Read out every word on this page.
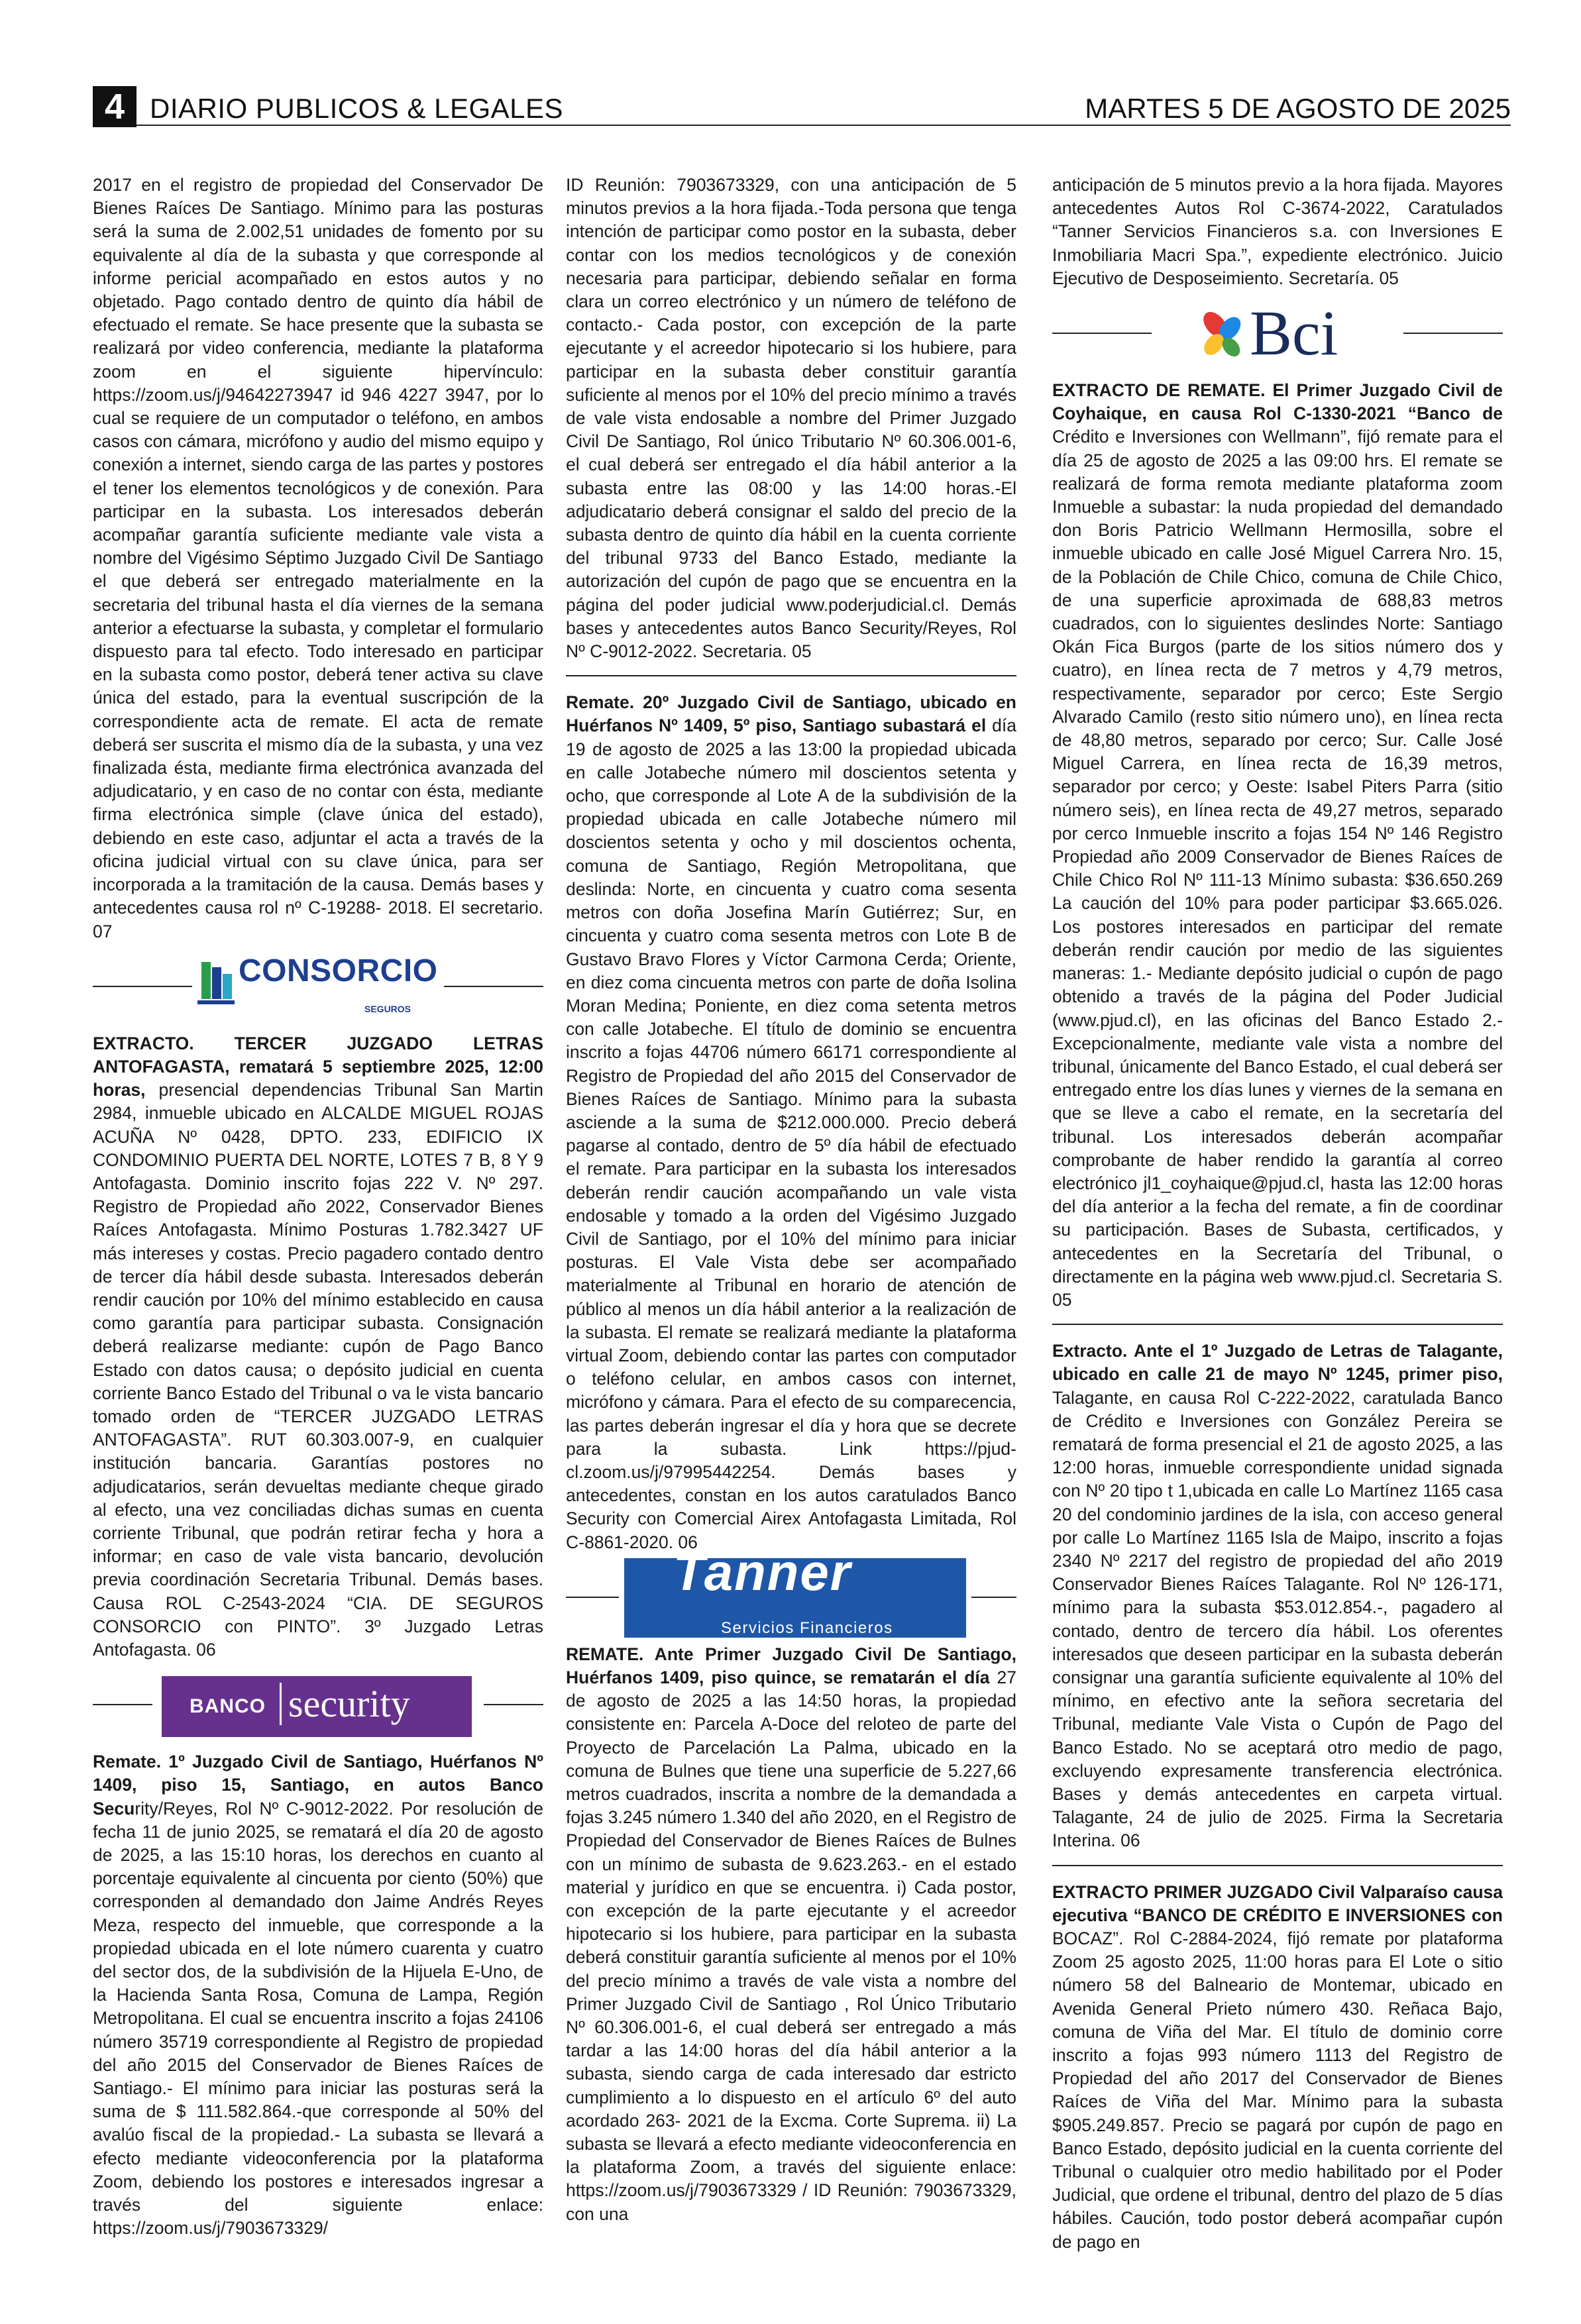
4 DIARIO PUBLICOS & LEGALES	MARTES 5 DE AGOSTO DE 2025

2017 en el registro de propiedad del Conservador De Bienes Raíces De Santiago. Mínimo para las posturas será la suma de 2.002,51 unidades de fomento por su equivalente al día de la subasta y que corresponde al informe pericial acompañado en estos autos y no objetado. Pago contado dentro de quinto día hábil de efectuado el remate. Se hace presente que la subasta se realizará por video conferencia, mediante la plataforma zoom en el siguiente hipervínculo: https://zoom.us/j/94642273947 id 946 4227 3947, por lo cual se requiere de un computador o teléfono, en ambos casos con cámara, micrófono y audio del mismo equipo y conexión a internet, siendo carga de las partes y postores el tener los elementos tecnológicos y de conexión. Para participar en la subasta. Los interesados deberán acompañar garantía suficiente mediante vale vista a nombre del Vigésimo Séptimo Juzgado Civil De Santiago el que deberá ser entregado materialmente en la secretaria del tribunal hasta el día viernes de la semana anterior a efectuarse la subasta, y completar el formulario dispuesto para tal efecto. Todo interesado en participar en la subasta como postor, deberá tener activa su clave única del estado, para la eventual suscripción de la correspondiente acta de remate. El acta de remate deberá ser suscrita el mismo día de la subasta, y una vez finalizada ésta, mediante firma electrónica avanzada del adjudicatario, y en caso de no contar con ésta, mediante firma electrónica simple (clave única del estado), debiendo en este caso, adjuntar el acta a través de la oficina judicial virtual con su clave única, para ser incorporada a la tramitación de la causa. Demás bases y antecedentes causa rol nº C-19288- 2018. El secretario. 07

CONSORCIO
SEGUROS

EXTRACTO. TERCER JUZGADO LETRAS ANTOFAGASTA, rematará 5 septiembre 2025, 12:00 horas, presencial dependencias Tribunal San Martin 2984, inmueble ubicado en ALCALDE MIGUEL ROJAS ACUÑA Nº 0428, DPTO. 233, EDIFICIO IX CONDOMINIO PUERTA DEL NORTE, LOTES 7 B, 8 Y 9 Antofagasta. Dominio inscrito fojas 222 V. Nº 297. Registro de Propiedad año 2022, Conservador Bienes Raíces Antofagasta. Mínimo Posturas 1.782.3427 UF más intereses y costas. Precio pagadero contado dentro de tercer día hábil desde subasta. Interesados deberán rendir caución por 10% del mínimo establecido en causa como garantía para participar subasta. Consignación deberá realizarse mediante: cupón de Pago Banco Estado con datos causa; o depósito judicial en cuenta corriente Banco Estado del Tribunal o va le vista bancario tomado orden de “TERCER JUZGADO LETRAS ANTOFAGASTA”. RUT 60.303.007-9, en cualquier institución bancaria. Garantías postores no adjudicatarios, serán devueltas mediante cheque girado al efecto, una vez conciliadas dichas sumas en cuenta corriente Tribunal, que podrán retirar fecha y hora a informar; en caso de vale vista bancario, devolución previa coordinación Secretaria Tribunal. Demás bases. Causa ROL C-2543-2024 “CIA. DE SEGUROS CONSORCIO con PINTO”. 3º Juzgado Letras Antofagasta. 06

BANCO security

Remate. 1º Juzgado Civil de Santiago, Huérfanos Nº 1409, piso 15, Santiago, en autos Banco Security/Reyes, Rol Nº C-9012-2022. Por resolución de fecha 11 de junio 2025, se rematará el día 20 de agosto de 2025, a las 15:10 horas, los derechos en cuanto al porcentaje equivalente al cincuenta por ciento (50%) que corresponden al demandado don Jaime Andrés Reyes Meza, respecto del inmueble, que corresponde a la propiedad ubicada en el lote número cuarenta y cuatro del sector dos, de la subdivisión de la Hijuela E-Uno, de la Hacienda Santa Rosa, Comuna de Lampa, Región Metropolitana. El cual se encuentra inscrito a fojas 24106 número 35719 correspondiente al Registro de propiedad del año 2015 del Conservador de Bienes Raíces de Santiago.- El mínimo para iniciar las posturas será la suma de $ 111.582.864.-que corresponde al 50% del avalúo fiscal de la propiedad.- La subasta se llevará a efecto mediante videoconferencia por la plataforma Zoom, debiendo los postores e interesados ingresar a través del siguiente enlace: https://zoom.us/j/7903673329/

ID Reunión: 7903673329, con una anticipación de 5 minutos previos a la hora fijada.-Toda persona que tenga intención de participar como postor en la subasta, deber contar con los medios tecnológicos y de conexión necesaria para participar, debiendo señalar en forma clara un correo electrónico y un número de teléfono de contacto.- Cada postor, con excepción de la parte ejecutante y el acreedor hipotecario si los hubiere, para participar en la subasta deber constituir garantía suficiente al menos por el 10% del precio mínimo a través de vale vista endosable a nombre del Primer Juzgado Civil De Santiago, Rol único Tributario Nº 60.306.001-6, el cual deberá ser entregado el día hábil anterior a la subasta entre las 08:00 y las 14:00 horas.-El adjudicatario deberá consignar el saldo del precio de la subasta dentro de quinto día hábil en la cuenta corriente del tribunal 9733 del Banco Estado, mediante la autorización del cupón de pago que se encuentra en la página del poder judicial www.poderjudicial.cl. Demás bases y antecedentes autos Banco Security/Reyes, Rol Nº C-9012-2022. Secretaria. 05

Remate. 20º Juzgado Civil de Santiago, ubicado en Huérfanos Nº 1409, 5º piso, Santiago subastará el día 19 de agosto de 2025 a las 13:00 la propiedad ubicada en calle Jotabeche número mil doscientos setenta y ocho, que corresponde al Lote A de la subdivisión de la propiedad ubicada en calle Jotabeche número mil doscientos setenta y ocho y mil doscientos ochenta, comuna de Santiago, Región Metropolitana, que deslinda: Norte, en cincuenta y cuatro coma sesenta metros con doña Josefina Marín Gutiérrez; Sur, en cincuenta y cuatro coma sesenta metros con Lote B de Gustavo Bravo Flores y Víctor Carmona Cerda; Oriente, en diez coma cincuenta metros con parte de doña Isolina Moran Medina; Poniente, en diez coma setenta metros con calle Jotabeche. El título de dominio se encuentra inscrito a fojas 44706 número 66171 correspondiente al Registro de Propiedad del año 2015 del Conservador de Bienes Raíces de Santiago. Mínimo para la subasta asciende a la suma de $212.000.000. Precio deberá pagarse al contado, dentro de 5º día hábil de efectuado el remate. Para participar en la subasta los interesados deberán rendir caución acompañando un vale vista endosable y tomado a la orden del Vigésimo Juzgado Civil de Santiago, por el 10% del mínimo para iniciar posturas. El Vale Vista debe ser acompañado materialmente al Tribunal en horario de atención de público al menos un día hábil anterior a la realización de la subasta. El remate se realizará mediante la plataforma virtual Zoom, debiendo contar las partes con computador o teléfono celular, en ambos casos con internet, micrófono y cámara. Para el efecto de su comparecencia, las partes deberán ingresar el día y hora que se decrete para la subasta. Link https://pjud-cl.zoom.us/j/97995442254. Demás bases y antecedentes, constan en los autos caratulados Banco Security con Comercial Airex Antofagasta Limitada, Rol C-8861-2020. 06

Tanner
Servicios Financieros

REMATE. Ante Primer Juzgado Civil De Santiago, Huérfanos 1409, piso quince, se rematarán el día 27 de agosto de 2025 a las 14:50 horas, la propiedad consistente en: Parcela A-Doce del reloteo de parte del Proyecto de Parcelación La Palma, ubicado en la comuna de Bulnes que tiene una superficie de 5.227,66 metros cuadrados, inscrita a nombre de la demandada a fojas 3.245 número 1.340 del año 2020, en el Registro de Propiedad del Conservador de Bienes Raíces de Bulnes con un mínimo de subasta de 9.623.263.- en el estado material y jurídico en que se encuentra. i) Cada postor, con excepción de la parte ejecutante y el acreedor hipotecario si los hubiere, para participar en la subasta deberá constituir garantía suficiente al menos por el 10% del precio mínimo a través de vale vista a nombre del Primer Juzgado Civil de Santiago , Rol Único Tributario Nº 60.306.001-6, el cual deberá ser entregado a más tardar a las 14:00 horas del día hábil anterior a la subasta, siendo carga de cada interesado dar estricto cumplimiento a lo dispuesto en el artículo 6º del auto acordado 263- 2021 de la Excma. Corte Suprema. ii) La subasta se llevará a efecto mediante videoconferencia en la plataforma Zoom, a través del siguiente enlace: https://zoom.us/j/7903673329 / ID Reunión: 7903673329, con una

anticipación de 5 minutos previo a la hora fijada. Mayores antecedentes Autos Rol C-3674-2022, Caratulados “Tanner Servicios Financieros s.a. con Inversiones E Inmobiliaria Macri Spa.”, expediente electrónico. Juicio Ejecutivo de Desposeimiento. Secretaría. 05

Bci

EXTRACTO DE REMATE. El Primer Juzgado Civil de Coyhaique, en causa Rol C-1330-2021 “Banco de Crédito e Inversiones con Wellmann”, fijó remate para el día 25 de agosto de 2025 a las 09:00 hrs. El remate se realizará de forma remota mediante plataforma zoom Inmueble a subastar: la nuda propiedad del demandado don Boris Patricio Wellmann Hermosilla, sobre el inmueble ubicado en calle José Miguel Carrera Nro. 15, de la Población de Chile Chico, comuna de Chile Chico, de una superficie aproximada de 688,83 metros cuadrados, con lo siguientes deslindes Norte: Santiago Okán Fica Burgos (parte de los sitios número dos y cuatro), en línea recta de 7 metros y 4,79 metros, respectivamente, separador por cerco; Este Sergio Alvarado Camilo (resto sitio número uno), en línea recta de 48,80 metros, separado por cerco; Sur. Calle José Miguel Carrera, en línea recta de 16,39 metros, separador por cerco; y Oeste: Isabel Piters Parra (sitio número seis), en línea recta de 49,27 metros, separado por cerco Inmueble inscrito a fojas 154 Nº 146 Registro Propiedad año 2009 Conservador de Bienes Raíces de Chile Chico Rol Nº 111-13 Mínimo subasta: $36.650.269 La caución del 10% para poder participar $3.665.026. Los postores interesados en participar del remate deberán rendir caución por medio de las siguientes maneras: 1.- Mediante depósito judicial o cupón de pago obtenido a través de la página del Poder Judicial (www.pjud.cl), en las oficinas del Banco Estado 2.- Excepcionalmente, mediante vale vista a nombre del tribunal, únicamente del Banco Estado, el cual deberá ser entregado entre los días lunes y viernes de la semana en que se lleve a cabo el remate, en la secretaría del tribunal. Los interesados deberán acompañar comprobante de haber rendido la garantía al correo electrónico jl1_coyhaique@pjud.cl, hasta las 12:00 horas del día anterior a la fecha del remate, a fin de coordinar su participación. Bases de Subasta, certificados, y antecedentes en la Secretaría del Tribunal, o directamente en la página web www.pjud.cl. Secretaria S. 05

Extracto. Ante el 1º Juzgado de Letras de Talagante, ubicado en calle 21 de mayo Nº 1245, primer piso, Talagante, en causa Rol C-222-2022, caratulada Banco de Crédito e Inversiones con González Pereira se rematará de forma presencial el 21 de agosto 2025, a las 12:00 horas, inmueble correspondiente unidad signada con Nº 20 tipo t 1,ubicada en calle Lo Martínez 1165 casa 20 del condominio jardines de la isla, con acceso general por calle Lo Martínez 1165 Isla de Maipo, inscrito a fojas 2340 Nº 2217 del registro de propiedad del año 2019 Conservador Bienes Raíces Talagante. Rol Nº 126-171, mínimo para la subasta $53.012.854.-, pagadero al contado, dentro de tercero día hábil. Los oferentes interesados que deseen participar en la subasta deberán consignar una garantía suficiente equivalente al 10% del mínimo, en efectivo ante la señora secretaria del Tribunal, mediante Vale Vista o Cupón de Pago del Banco Estado. No se aceptará otro medio de pago, excluyendo expresamente transferencia electrónica. Bases y demás antecedentes en carpeta virtual. Talagante, 24 de julio de 2025. Firma la Secretaria Interina. 06

EXTRACTO PRIMER JUZGADO Civil Valparaíso causa ejecutiva “BANCO DE CRÉDITO E INVERSIONES con BOCAZ”. Rol C-2884-2024, fijó remate por plataforma Zoom 25 agosto 2025, 11:00 horas para El Lote o sitio número 58 del Balneario de Montemar, ubicado en Avenida General Prieto número 430. Reñaca Bajo, comuna de Viña del Mar. El título de dominio corre inscrito a fojas 993 número 1113 del Registro de Propiedad del año 2017 del Conservador de Bienes Raíces de Viña del Mar. Mínimo para la subasta $905.249.857. Precio se pagará por cupón de pago en Banco Estado, depósito judicial en la cuenta corriente del Tribunal o cualquier otro medio habilitado por el Poder Judicial, que ordene el tribunal, dentro del plazo de 5 días hábiles. Caución, todo postor deberá acompañar cupón de pago en
